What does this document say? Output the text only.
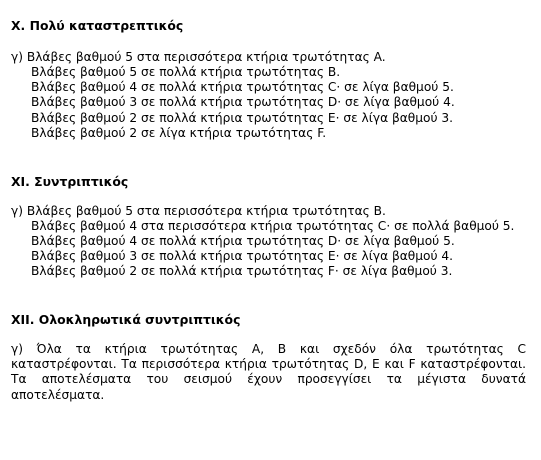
X. Πολύ καταστρεπτικός
γ) Βλάβες βαθμού 5 στα περισσότερα κτήρια τρωτότητας A.
Βλάβες βαθμού 5 σε πολλά κτήρια τρωτότητας B.
Βλάβες βαθμού 4 σε πολλά κτήρια τρωτότητας C· σε λίγα βαθμού 5.
Βλάβες βαθμού 3 σε πολλά κτήρια τρωτότητας D· σε λίγα βαθμού 4.
Βλάβες βαθμού 2 σε πολλά κτήρια τρωτότητας E· σε λίγα βαθμού 3.
Βλάβες βαθμού 2 σε λίγα κτήρια τρωτότητας F.
XI. Συντριπτικός
γ) Βλάβες βαθμού 5 στα περισσότερα κτήρια τρωτότητας B.
Βλάβες βαθμού 4 στα περισσότερα κτήρια τρωτότητας C· σε πολλά βαθμού 5.
Βλάβες βαθμού 4 σε πολλά κτήρια τρωτότητας D· σε λίγα βαθμού 5.
Βλάβες βαθμού 3 σε πολλά κτήρια τρωτότητας E· σε λίγα βαθμού 4.
Βλάβες βαθμού 2 σε πολλά κτήρια τρωτότητας F· σε λίγα βαθμού 3.
XII. Ολοκληρωτικά συντριπτικός
γ) Όλα τα κτήρια τρωτότητας A, B και σχεδόν όλα τρωτότητας C
καταστρέφονται. Τα περισσότερα κτήρια τρωτότητας D, E και F καταστρέφονται.
Τα αποτελέσματα του σεισμού έχουν προσεγγίσει τα μέγιστα δυνατά
αποτελέσματα.
